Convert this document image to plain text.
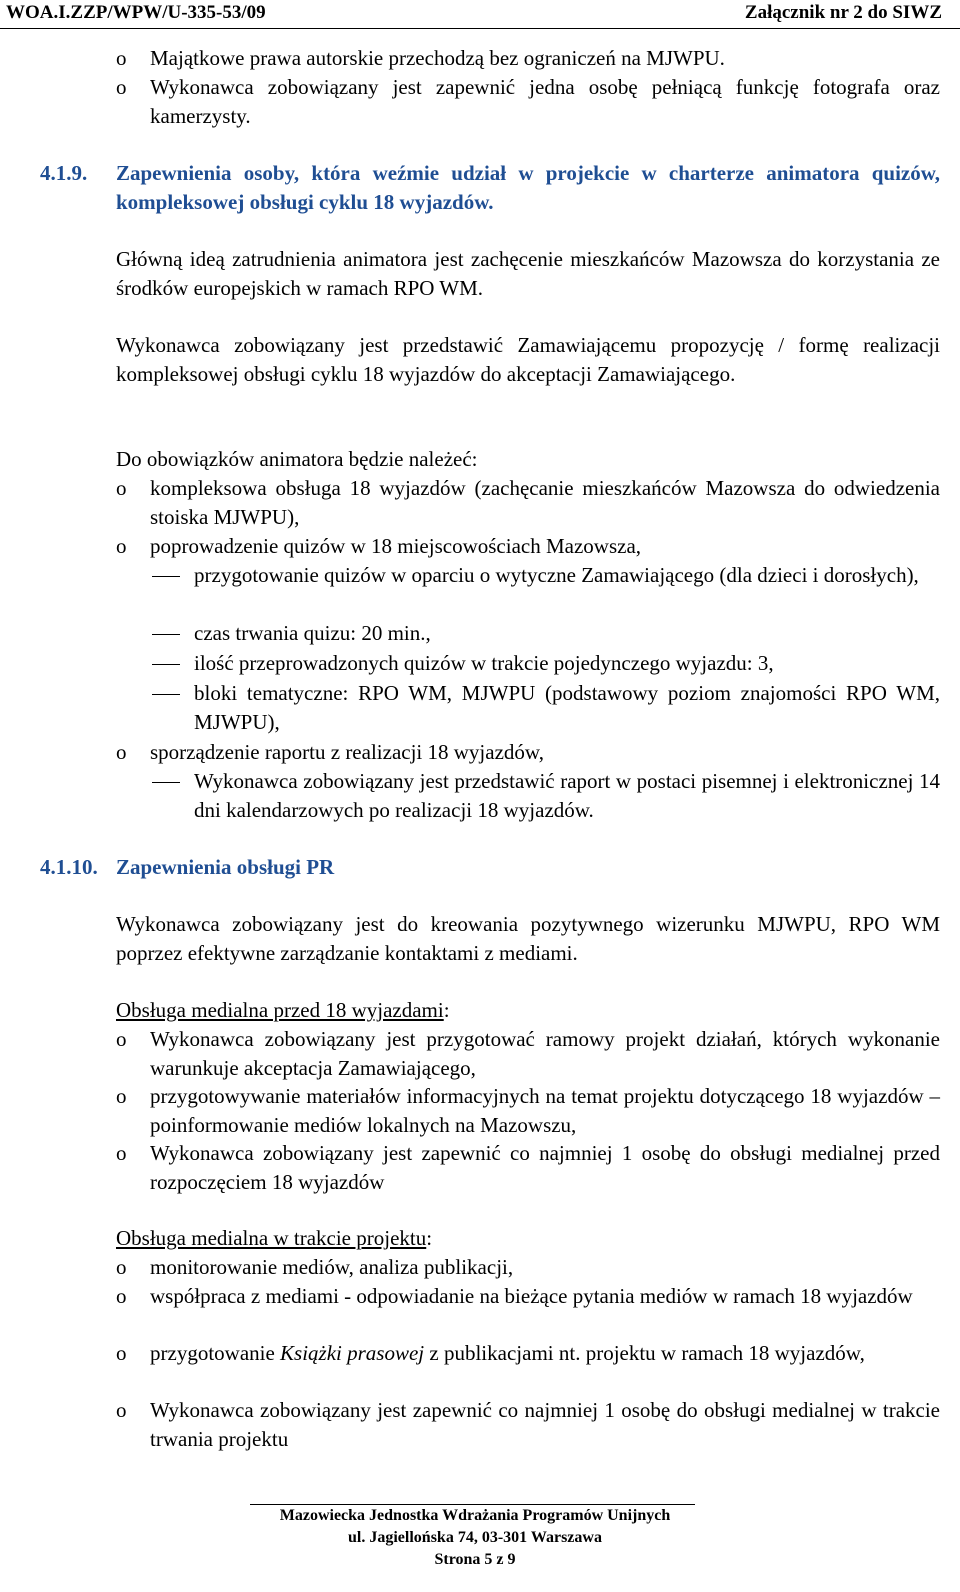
WOA.I.ZZP/WPW/U-335-53/09	Załącznik nr 2 do SIWZ
o Majątkowe prawa autorskie przechodzą bez ograniczeń na MJWPU.
o Wykonawca zobowiązany jest zapewnić jedna osobę pełniącą funkcję fotografa oraz kamerzysty.
4.1.9. Zapewnienia osoby, która weźmie udział w projekcie w charterze animatora quizów, kompleksowej obsługi cyklu 18 wyjazdów.
Główną ideą zatrudnienia animatora jest zachęcenie mieszkańców Mazowsza do korzystania ze środków europejskich w ramach RPO WM.
Wykonawca zobowiązany jest przedstawić Zamawiającemu propozycję / formę realizacji kompleksowej obsługi cyklu 18 wyjazdów do akceptacji Zamawiającego.
Do obowiązków animatora będzie należeć:
o kompleksowa obsługa 18 wyjazdów (zachęcanie mieszkańców Mazowsza do odwiedzenia stoiska MJWPU),
o poprowadzenie quizów w 18 miejscowościach Mazowsza,
przygotowanie quizów w oparciu o wytyczne Zamawiającego (dla dzieci i dorosłych),
czas trwania quizu: 20 min.,
ilość przeprowadzonych quizów w trakcie pojedynczego wyjazdu: 3,
bloki tematyczne: RPO WM, MJWPU (podstawowy poziom znajomości RPO WM, MJWPU),
o sporządzenie raportu z realizacji 18 wyjazdów,
Wykonawca zobowiązany jest przedstawić raport w postaci pisemnej i elektronicznej 14 dni kalendarzowych po realizacji 18 wyjazdów.
4.1.10. Zapewnienia obsługi PR
Wykonawca zobowiązany jest do kreowania pozytywnego wizerunku MJWPU, RPO WM poprzez efektywne zarządzanie kontaktami z mediami.
Obsługa medialna przed 18 wyjazdami:
o Wykonawca zobowiązany jest przygotować ramowy projekt działań, których wykonanie warunkuje akceptacja Zamawiającego,
o przygotowywanie materiałów informacyjnych na temat projektu dotyczącego 18 wyjazdów – poinformowanie mediów lokalnych na Mazowszu,
o Wykonawca zobowiązany jest zapewnić co najmniej 1 osobę do obsługi medialnej przed rozpoczęciem 18 wyjazdów
Obsługa medialna w trakcie projektu:
o monitorowanie mediów, analiza publikacji,
o współpraca z mediami - odpowiadanie na bieżące pytania mediów w ramach 18 wyjazdów
o przygotowanie Książki prasowej z publikacjami nt. projektu w ramach 18 wyjazdów,
o Wykonawca zobowiązany jest zapewnić co najmniej 1 osobę do obsługi medialnej w trakcie trwania projektu
Mazowiecka Jednostka Wdrażania Programów Unijnych
ul. Jagiellońska 74, 03-301 Warszawa
Strona 5 z 9
